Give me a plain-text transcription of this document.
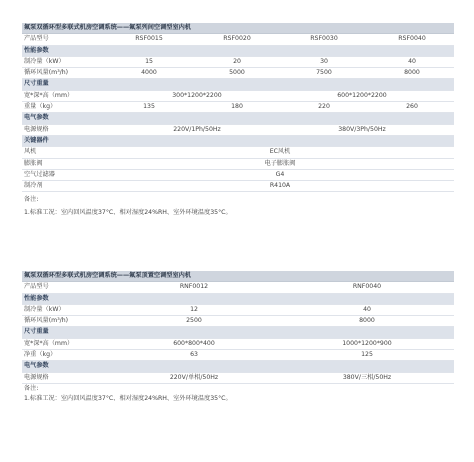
氟泵双循环型多联式机房空调系统——氟泵列间空调型室内机
产品型号	RSF0015	RSF0020	RSF0030	RSF0040
性能参数
制冷量（kW）	15	20	30	40
循环风量(m³/h)	4000	5000	7500	8000
尺寸重量
宽*深*高（mm）	300*1200*2200	600*1200*2200
重量（kg）	135	180	220	260
电气参数
电源规格	220V/1Ph/50Hz	380V/3Ph/50Hz
关键器件
风机	EC风机
膨胀阀	电子膨胀阀
空气过滤器	G4
制冷剂	R410A
备注:
1.标准工况：室内回风温度37°C、相对湿度24%RH、室外环境温度35°C。
氟泵双循环型多联式机房空调系统——氟泵顶置空调型室内机
产品型号	RNF0012	RNF0040
性能参数
制冷量（kW）	12	40
循环风量(m³/h)	2500	8000
尺寸重量
宽*深*高（mm）	600*800*400	1000*1200*900
净重（kg）	63	125
电气参数
电源规格	220V/单相/50Hz	380V/三相/50Hz
备注:
1.标准工况：室内回风温度37°C、相对湿度24%RH、室外环境温度35°C。
